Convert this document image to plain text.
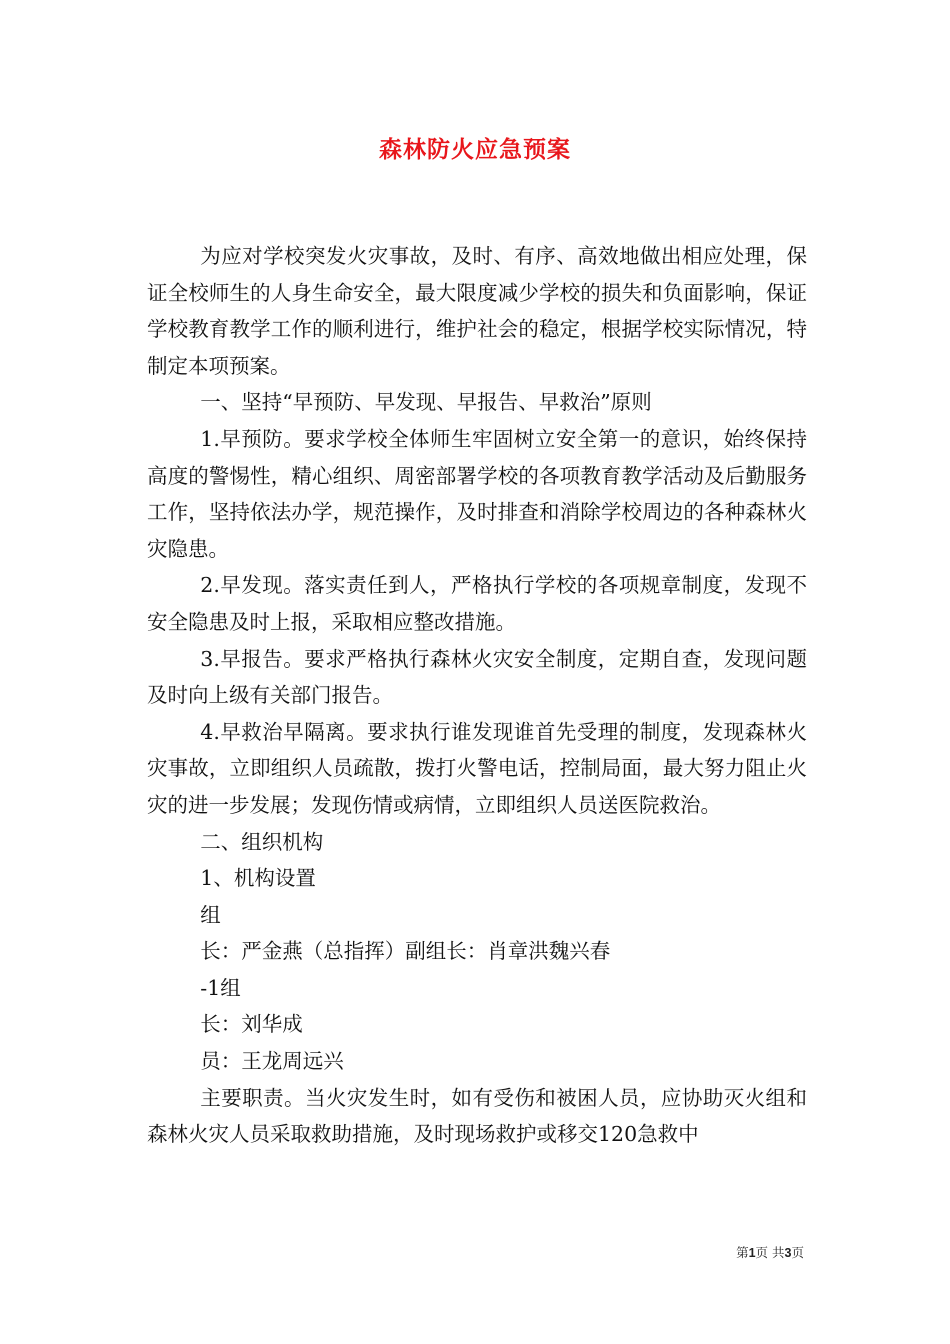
森林防火应急预案

为应对学校突发火灾事故，及时、有序、高效地做出相应处理，保证全校师生的人身生命安全，最大限度减少学校的损失和负面影响，保证学校教育教学工作的顺利进行，维护社会的稳定，根据学校实际情况，特制定本项预案。

一、坚持“早预防、早发现、早报告、早救治”原则

1.早预防。要求学校全体师生牢固树立安全第一的意识，始终保持高度的警惕性，精心组织、周密部署学校的各项教育教学活动及后勤服务工作，坚持依法办学，规范操作，及时排查和消除学校周边的各种森林火灾隐患。

2.早发现。落实责任到人，严格执行学校的各项规章制度，发现不安全隐患及时上报，采取相应整改措施。

3.早报告。要求严格执行森林火灾安全制度，定期自查，发现问题及时向上级有关部门报告。

4.早救治早隔离。要求执行谁发现谁首先受理的制度，发现森林火灾事故，立即组织人员疏散，拨打火警电话，控制局面，最大努力阻止火灾的进一步发展；发现伤情或病情，立即组织人员送医院救治。

二、组织机构

1、机构设置

组

长：严金燕（总指挥）副组长：肖章洪魏兴春

-1组

长：刘华成

员：王龙周远兴

主要职责。当火灾发生时，如有受伤和被困人员，应协助灭火组和森林火灾人员采取救助措施，及时现场救护或移交120急救中

第1页 共3页
